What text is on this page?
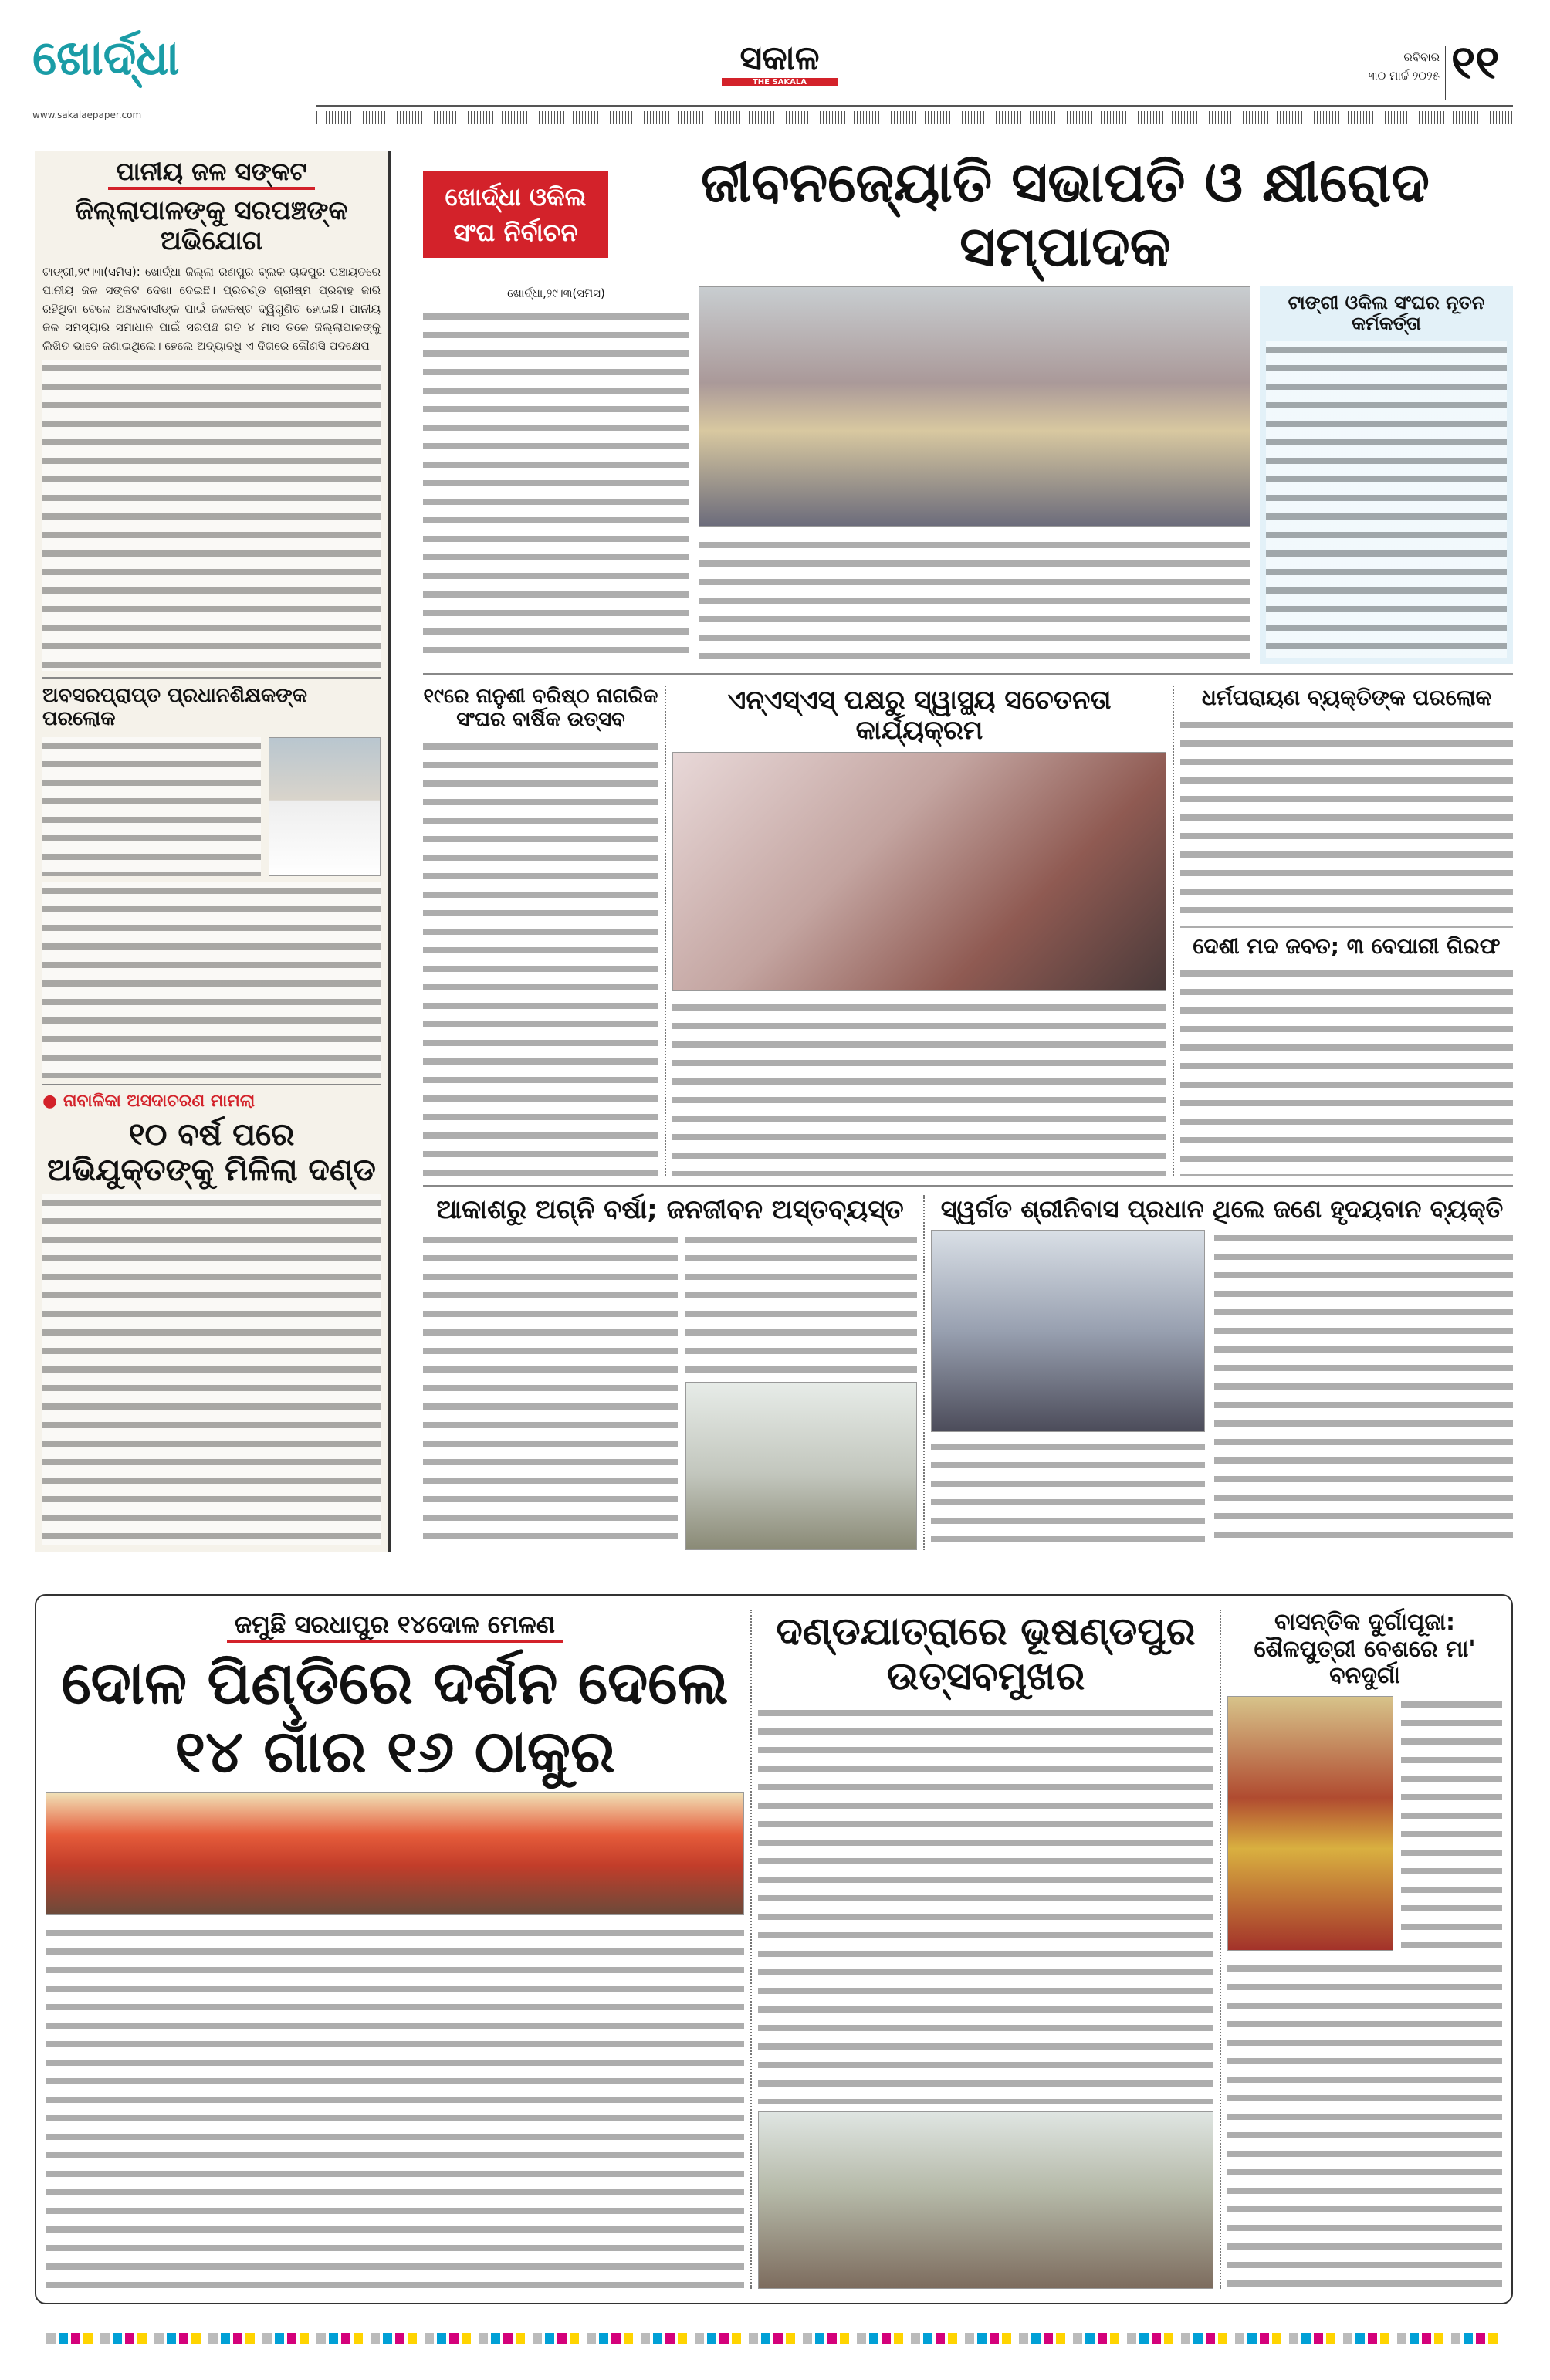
ଖୋର୍ଦ୍ଧା	ସକାଳ
THE SAKALA
ରବିବାର
୩୦ ମାର୍ଚ୍ଚ ୨୦୨୫ ୧୧
www.sakalaepaper.com
ପାନୀୟ ଜଳ ସଙ୍କଟ
ଜିଲ୍ଲାପାଳଙ୍କୁ ସରପଞ୍ଚଙ୍କ ଅଭିଯୋଗ
ଟାଙ୍ଗୀ,୨୯।୩(ସମିସ): ଖୋର୍ଦ୍ଧା ଜିଲ୍ଲା ରଣପୁର ବ୍ଲକ ଚାନ୍ଦପୁର ପଞ୍ଚାୟତରେ ପାନୀୟ ଜଳ ସଙ୍କଟ ଦେଖା ଦେଇଛି। ପ୍ରଚଣ୍ଡ ଗ୍ରୀଷ୍ମ ପ୍ରବାହ ଜାରି ରହିଥିବା ବେଳେ ଅଞ୍ଚଳବାସୀଙ୍କ ପାଇଁ ଜଳକଷ୍ଟ ଦ୍ୱିଗୁଣିତ ହୋଇଛି। ପାନୀୟ ଜଳ ସମସ୍ୟାର ସମାଧାନ ପାଇଁ ସରପଞ୍ଚ ଗତ ୪ ମାସ ତଳେ ଜିଲ୍ଲାପାଳଙ୍କୁ ଲିଖିତ ଭାବେ ଜଣାଇଥିଲେ। ହେଲେ ଅଦ୍ୟାବଧି ଏ ଦିଗରେ କୌଣସି ପଦକ୍ଷେପ
ଅବସରପ୍ରାପ୍ତ ପ୍ରଧାନଶିକ୍ଷକଙ୍କ ପରଲୋକ
● ନାବାଳିକା ଅସଦାଚରଣ ମାମଲା
୧୦ ବର୍ଷ ପରେ ଅଭିଯୁକ୍ତଙ୍କୁ ମିଳିଲା ଦଣ୍ଡ
ଖୋର୍ଦ୍ଧା ଓକିଲ ସଂଘ ନିର୍ବାଚନ
ଜୀବନଜ୍ୟୋତି ସଭାପତି ଓ କ୍ଷୀରୋଦ ସମ୍ପାଦକ
ଖୋର୍ଦ୍ଧା,୨୯।୩(ସମିସ)	ଟାଙ୍ଗୀ ଓକିଲ ସଂଘର ନୂତନ କର୍ମକର୍ତ୍ତା
୧୯ରେ ନାନୁଶୀ ବରିଷ୍ଠ ନାଗରିକ ସଂଘର ବାର୍ଷିକ ଉତ୍ସବ
ଏନ୍‌ଏସ୍‌ଏସ୍ ପକ୍ଷରୁ ସ୍ୱାସ୍ଥ୍ୟ ସଚେତନତା କାର୍ଯ୍ୟକ୍ରମ
ଧର୍ମପରାୟଣ ବ୍ୟକ୍ତିଙ୍କ ପରଲୋକ
ଦେଶୀ ମଦ ଜବତ; ୩ ବେପାରୀ ଗିରଫ
ଆକାଶରୁ ଅଗ୍ନି ବର୍ଷା; ଜନଜୀବନ ଅସ୍ତବ୍ୟସ୍ତ	ସ୍ୱର୍ଗତ ଶ୍ରୀନିବାସ ପ୍ରଧାନ ଥିଲେ ଜଣେ ହୃଦୟବାନ ବ୍ୟକ୍ତି
ଜମୁଛି ସରଧାପୁର ୧୪ଦୋଳ ମେଳଣ
ଦୋଳ ପିଣ୍ଡିରେ ଦର୍ଶନ ଦେଲେ
୧୪ ଗାଁର ୧୬ ଠାକୁର
ଦଣ୍ଡଯାତ୍ରାରେ ଭୂଷଣ୍ଡପୁର ଉତ୍ସବମୁଖର
ବାସନ୍ତିକ ଦୁର୍ଗାପୂଜା: ଶୈଳପୁତ୍ରୀ ବେଶରେ ମା' ବନଦୁର୍ଗା
